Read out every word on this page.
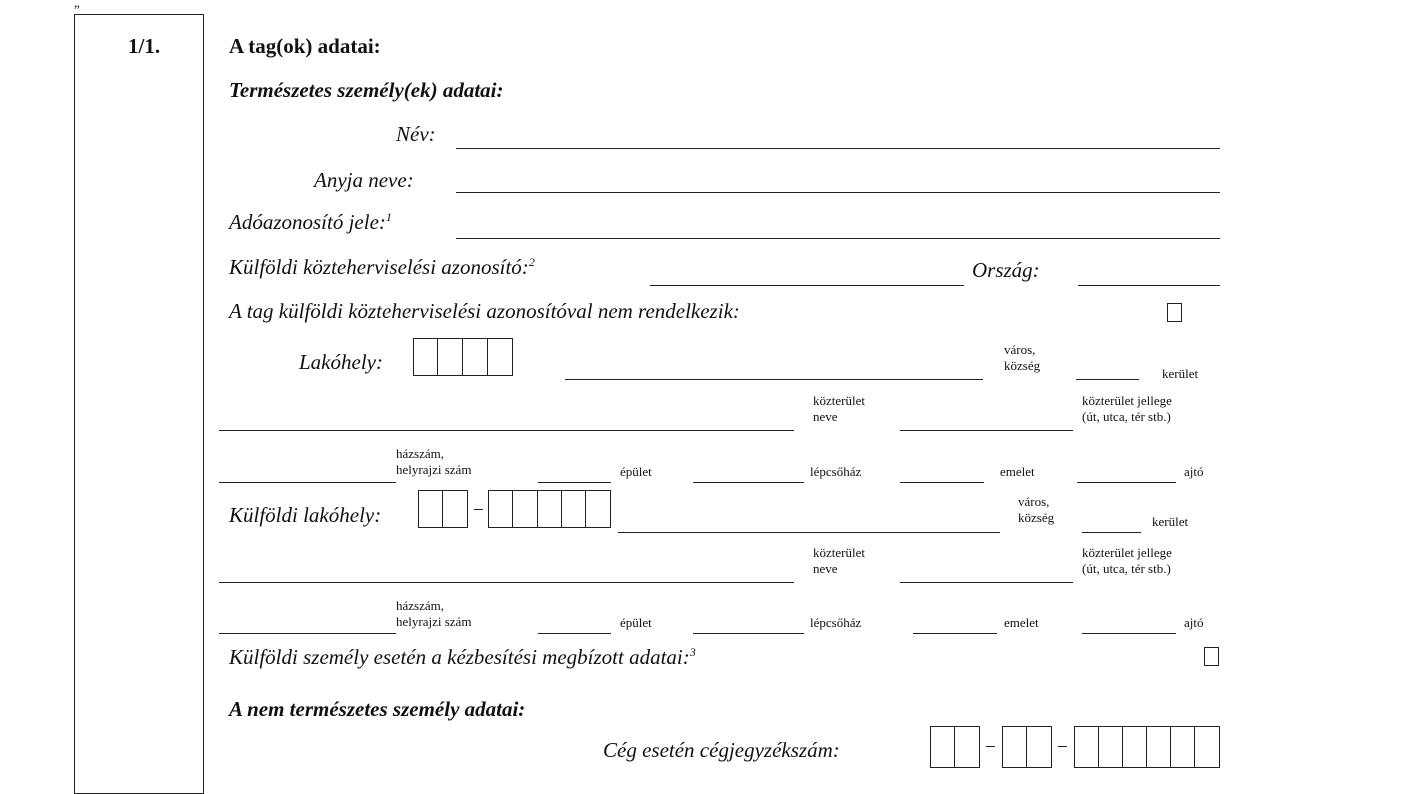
”
1/1.	A tag(ok) adatai:
Természetes személy(ek) adatai:
Név:
Anyja neve:
Adóazonosító jele:$^1$
Külföldi közteherviselési azonosító:$^2$	Ország:
A tag külföldi közteherviselési azonosítóval nem rendelkezik:
Lakóhely:
város,
község
kerület
közterület
neve
közterület jellege
(út, utca, tér stb.)
házszám,
helyrajzi szám	épület	lépcsőház	emelet	ajtó
Külföldi lakóhely:
város,
község	kerület
közterület
neve
közterület jellege
(út, utca, tér stb.)
házszám,
helyrajzi szám	épület	lépcsőház	emelet	ajtó
Külföldi személy esetén a kézbesítési megbízott adatai:$^3$
A nem természetes személy adatai:
Cég esetén cégjegyzékszám:
